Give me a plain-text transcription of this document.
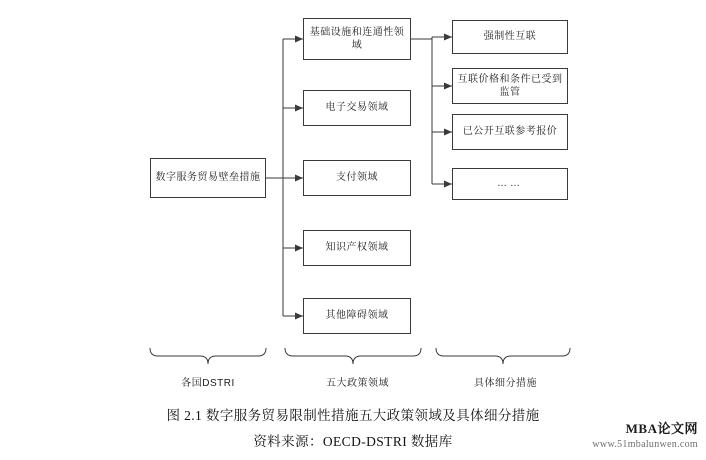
数字服务贸易壁垒措施
基础设施和连通性领域
电子交易领域
支付领域
知识产权领域
其他障碍领域
强制性互联
互联价格和条件已受到监管
已公开互联参考报价
……
各国DSTRI	五大政策领域	具体细分措施
图 2.1 数字服务贸易限制性措施五大政策领域及具体细分措施
资料来源：OECD-DSTRI 数据库
MBA论文网
www.51mbalunwen.com
